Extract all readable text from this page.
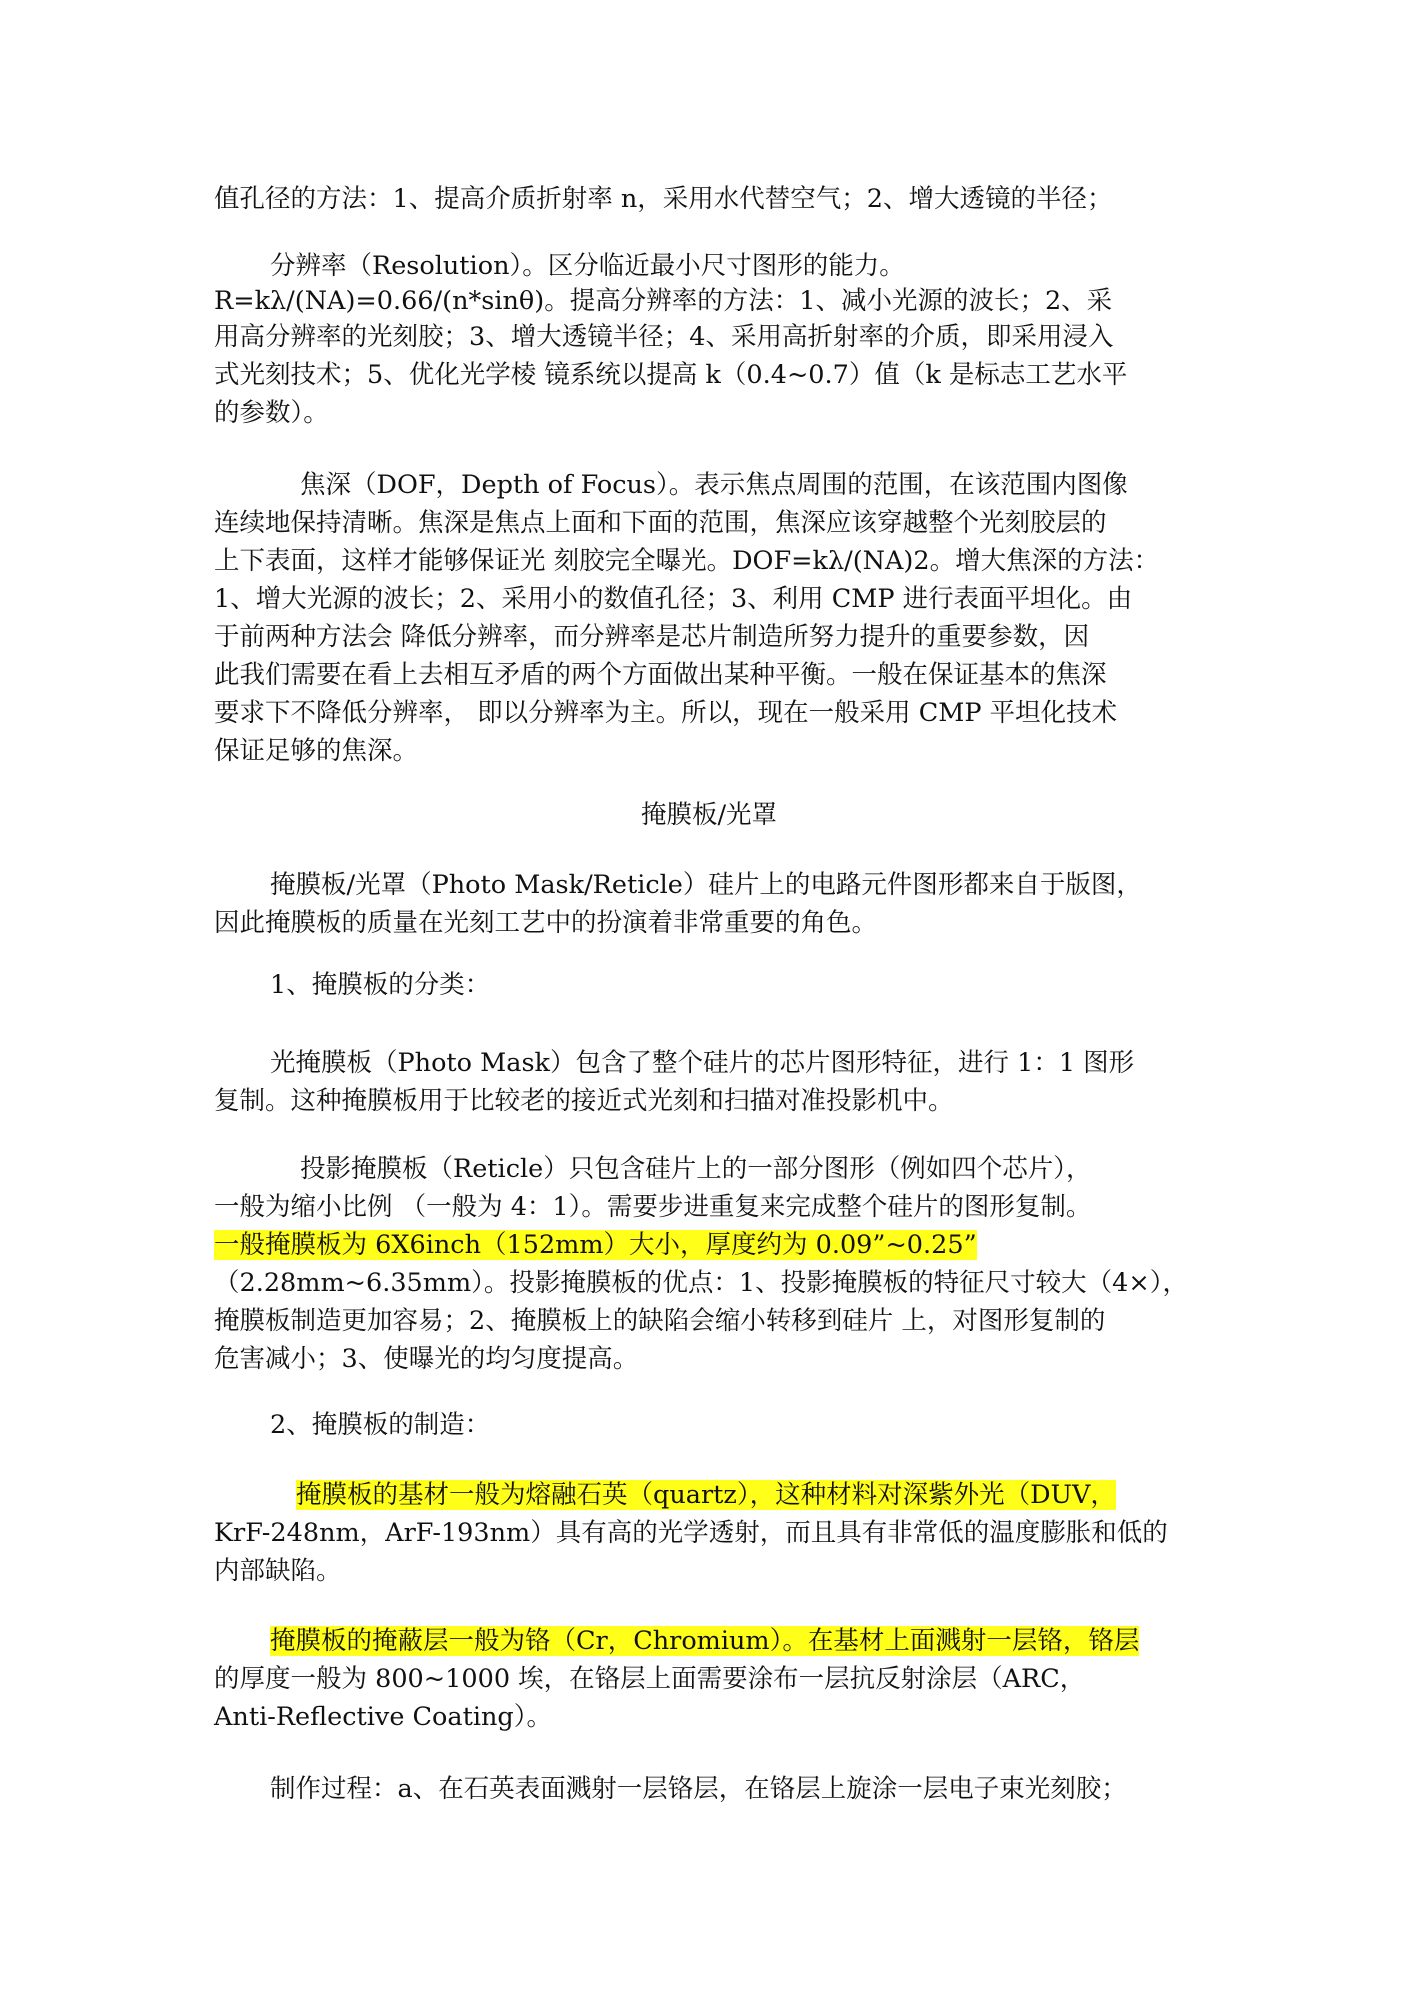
值孔径的方法：1、提高介质折射率 n，采用水代替空气；2、增大透镜的半径；
分辨率（Resolution）。区分临近最小尺寸图形的能力。
R=kλ/(NA)=0.66/(n*sinθ)。提高分辨率的方法：1、减小光源的波长；2、采
用高分辨率的光刻胶；3、增大透镜半径；4、采用高折射率的介质，即采用浸入
式光刻技术；5、优化光学棱 镜系统以提高 k（0.4~0.7）值（k 是标志工艺水平
的参数）。
焦深（DOF，Depth of Focus）。表示焦点周围的范围，在该范围内图像
连续地保持清晰。焦深是焦点上面和下面的范围，焦深应该穿越整个光刻胶层的
上下表面，这样才能够保证光 刻胶完全曝光。DOF=kλ/(NA)2。增大焦深的方法：
1、增大光源的波长；2、采用小的数值孔径；3、利用 CMP 进行表面平坦化。由
于前两种方法会 降低分辨率，而分辨率是芯片制造所努力提升的重要参数，因
此我们需要在看上去相互矛盾的两个方面做出某种平衡。一般在保证基本的焦深
要求下不降低分辨率， 即以分辨率为主。所以，现在一般采用 CMP 平坦化技术
保证足够的焦深。
掩膜板/光罩
掩膜板/光罩（Photo Mask/Reticle）硅片上的电路元件图形都来自于版图，
因此掩膜板的质量在光刻工艺中的扮演着非常重要的角色。
1、掩膜板的分类：
光掩膜板（Photo Mask）包含了整个硅片的芯片图形特征，进行 1：1 图形
复制。这种掩膜板用于比较老的接近式光刻和扫描对准投影机中。
投影掩膜板（Reticle）只包含硅片上的一部分图形（例如四个芯片），
一般为缩小比例 （一般为 4：1）。需要步进重复来完成整个硅片的图形复制。
一般掩膜板为 6X6inch（152mm）大小，厚度约为 0.09”~0.25”
（2.28mm~6.35mm）。投影掩膜板的优点：1、投影掩膜板的特征尺寸较大（4×），
掩膜板制造更加容易；2、掩膜板上的缺陷会缩小转移到硅片 上，对图形复制的
危害减小；3、使曝光的均匀度提高。
2、掩膜板的制造：
掩膜板的基材一般为熔融石英（quartz），这种材料对深紫外光（DUV，
KrF-248nm，ArF-193nm）具有高的光学透射，而且具有非常低的温度膨胀和低的
内部缺陷。
掩膜板的掩蔽层一般为铬（Cr，Chromium）。在基材上面溅射一层铬，铬层
的厚度一般为 800~1000 埃，在铬层上面需要涂布一层抗反射涂层（ARC，
Anti-Reflective Coating）。
制作过程：a、在石英表面溅射一层铬层，在铬层上旋涂一层电子束光刻胶；
